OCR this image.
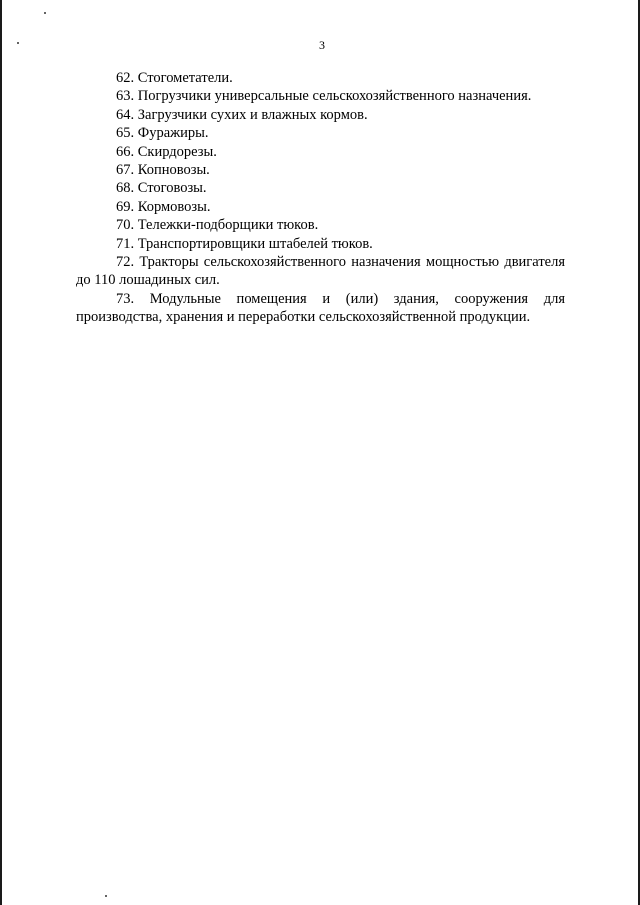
3

62. Стогометатели.

63. Погрузчики универсальные сельскохозяйственного назначения.

64. Загрузчики сухих и влажных кормов.

65. Фуражиры.

66. Скирдорезы.

67. Копновозы.

68. Стоговозы.

69. Кормовозы.

70. Тележки-подборщики тюков.

71. Транспортировщики штабелей тюков.

72. Тракторы сельскохозяйственного назначения мощностью двигателя до 110 лошадиных сил.

73. Модульные помещения и (или) здания, сооружения для производства, хранения и переработки сельскохозяйственной продукции.
